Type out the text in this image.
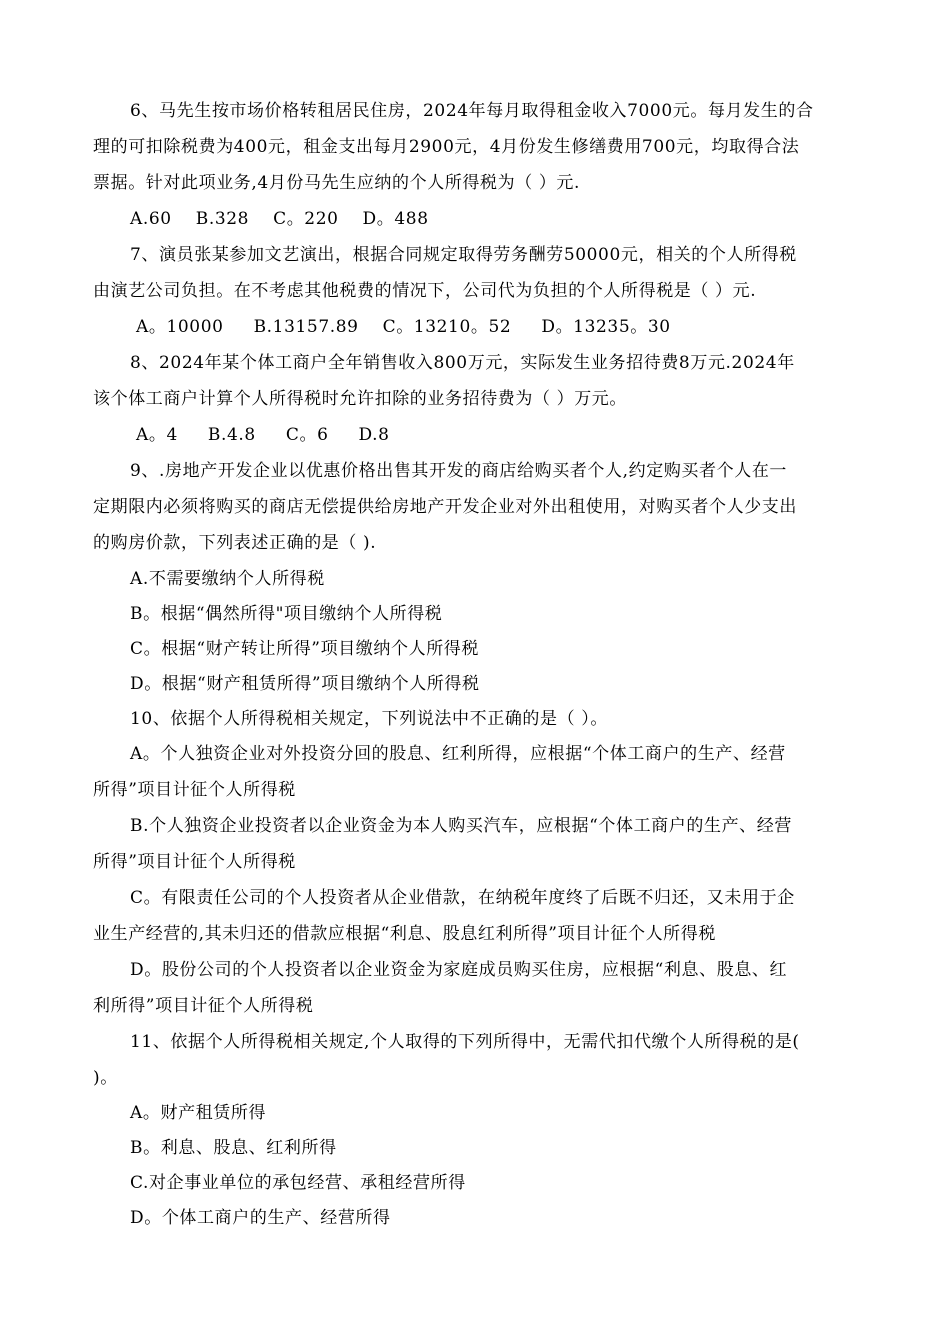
6、马先生按市场价格转租居民住房，2024年每月取得租金收入7000元。每月发生的合
理的可扣除税费为400元，租金支出每月2900元，4月份发生修缮费用700元，均取得合法
票据。针对此项业务,4月份马先生应纳的个人所得税为（ ）元.
A.60    B.328    C。220    D。488
7、演员张某参加文艺演出，根据合同规定取得劳务酬劳50000元，相关的个人所得税
由演艺公司负担。在不考虑其他税费的情况下，公司代为负担的个人所得税是（ ）元.
A。10000     B.13157.89    C。13210。52     D。13235。30
8、2024年某个体工商户全年销售收入800万元，实际发生业务招待费8万元.2024年
该个体工商户计算个人所得税时允许扣除的业务招待费为（ ）万元。
A。4     B.4.8     C。6     D.8
9、.房地产开发企业以优惠价格出售其开发的商店给购买者个人,约定购买者个人在一
定期限内必须将购买的商店无偿提供给房地产开发企业对外出租使用，对购买者个人少支出
的购房价款，下列表述正确的是（ ).
A.不需要缴纳个人所得税
B。根据“偶然所得"项目缴纳个人所得税
C。根据“财产转让所得”项目缴纳个人所得税
D。根据“财产租赁所得”项目缴纳个人所得税
10、依据个人所得税相关规定，下列说法中不正确的是（ ）。
A。个人独资企业对外投资分回的股息、红利所得，应根据“个体工商户的生产、经营
所得”项目计征个人所得税
B.个人独资企业投资者以企业资金为本人购买汽车，应根据“个体工商户的生产、经营
所得”项目计征个人所得税
C。有限责任公司的个人投资者从企业借款，在纳税年度终了后既不归还，又未用于企
业生产经营的,其未归还的借款应根据“利息、股息红利所得”项目计征个人所得税
D。股份公司的个人投资者以企业资金为家庭成员购买住房，应根据“利息、股息、红
利所得”项目计征个人所得税
11、依据个人所得税相关规定,个人取得的下列所得中，无需代扣代缴个人所得税的是(
)。
A。财产租赁所得
B。利息、股息、红利所得
C.对企事业单位的承包经营、承租经营所得
D。个体工商户的生产、经营所得
